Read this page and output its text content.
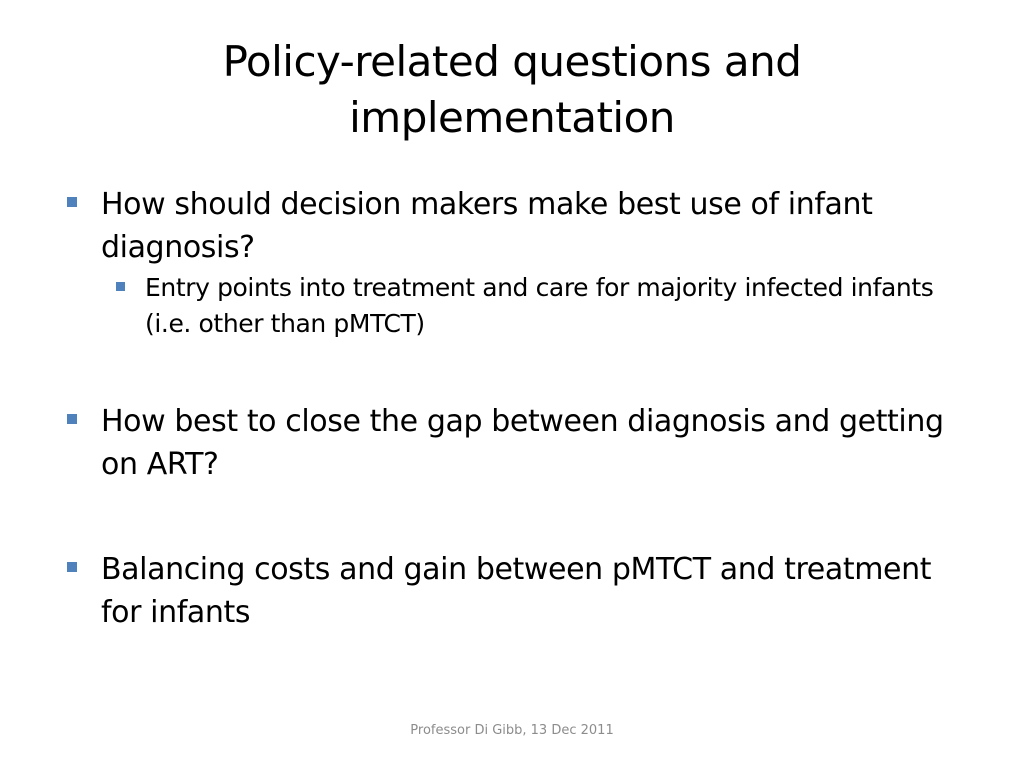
Policy-related questions and
implementation
How should decision makers make best use of infant diagnosis?
Entry points into treatment and care for majority infected infants (i.e. other than pMTCT)
How best to close the gap between diagnosis and getting on ART?
Balancing costs and gain between pMTCT and treatment for infants
Professor Di Gibb, 13 Dec 2011
